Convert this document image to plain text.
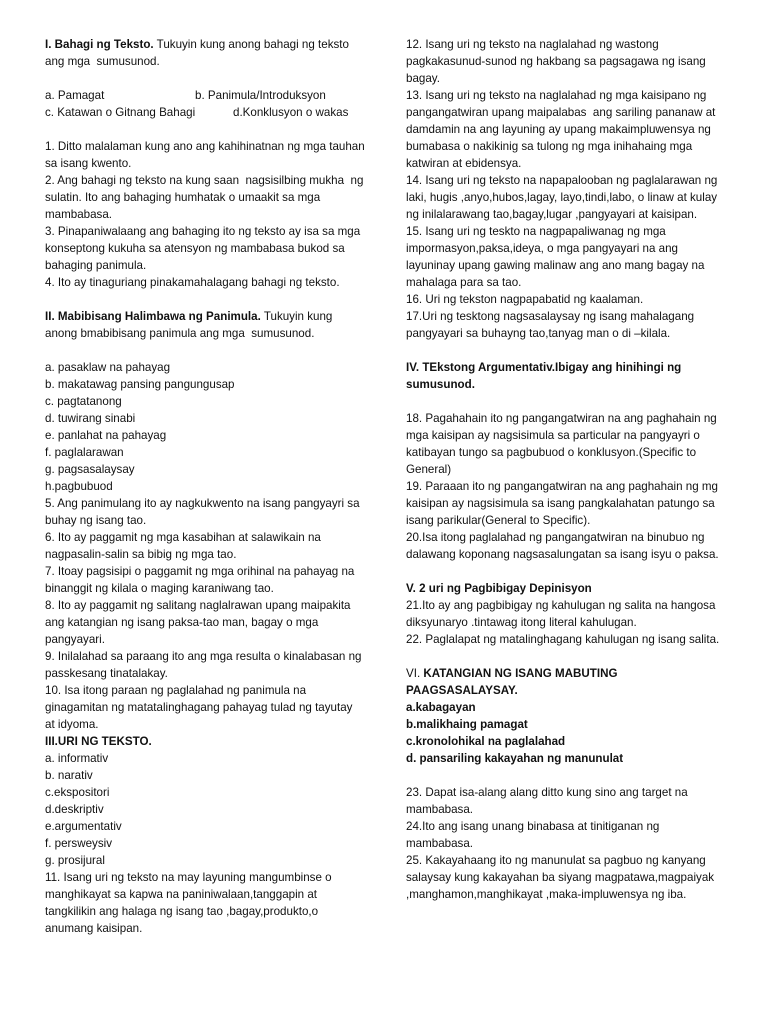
I. Bahagi ng Teksto. Tukuyin kung anong bahagi ng teksto ang mga  sumusunod.

a. Pamagat	b. Panimula/Introduksyon
c. Katawan o Gitnang Bahagi	d.Konklusyon o wakas

1. Ditto malalaman kung ano ang kahihinatnan ng mga tauhan sa isang kwento.

2. Ang bahagi ng teksto na kung saan  nagsisilbing mukha  ng sulatin. Ito ang bahaging humhatak o umaakit sa mga mambabasa.

3. Pinapaniwalaang ang bahaging ito ng teksto ay isa sa mga konseptong kukuha sa atensyon ng mambabasa bukod sa bahaging panimula.

4. Ito ay tinaguriang pinakamahalagang bahagi ng teksto.

II. Mabibisang Halimbawa ng Panimula. Tukuyin kung anong bmabibisang panimula ang mga  sumusunod.

a. pasaklaw na pahayag

b. makatawag pansing pangungusap

c. pagtatanong

d. tuwirang sinabi

e. panlahat na pahayag

f. paglalarawan

g. pagsasalaysay

h.pagbubuod

5. Ang panimulang ito ay nagkukwento na isang pangyayri sa buhay ng isang tao.

6. Ito ay paggamit ng mga kasabihan at salawikain na nagpasalin-salin sa bibig ng mga tao.

7. Itoay pagsisipi o paggamit ng mga orihinal na pahayag na binanggit ng kilala o maging karaniwang tao.

8. Ito ay paggamit ng salitang naglalrawan upang maipakita ang katangian ng isang paksa-tao man, bagay o mga pangyayari.

9. Inilalahad sa paraang ito ang mga resulta o kinalabasan ng passkesang tinatalakay.

10. Isa itong paraan ng paglalahad ng panimula na ginagamitan ng matatalinghagang pahayag tulad ng tayutay at idyoma.

III.URI NG TEKSTO.

a. informativ

b. narativ

c.ekspositori

d.deskriptiv

e.argumentativ

f. persweysiv

g. prosijural

11. Isang uri ng teksto na may layuning mangumbinse o manghikayat sa kapwa na paniniwalaan,tanggapin at tangkilikin ang halaga ng isang tao ,bagay,produkto,o anumang kaisipan.

12. Isang uri ng teksto na naglalahad ng wastong pagkakasunud-sunod ng hakbang sa pagsagawa ng isang bagay.

13. Isang uri ng teksto na naglalahad ng mga kaisipano ng pangangatwiran upang maipalabas  ang sariling pananaw at damdamin na ang layuning ay upang makaimpluwensya ng bumabasa o nakikinig sa tulong ng mga inihahaing mga katwiran at ebidensya.

14. Isang uri ng teksto na napapalooban ng paglalarawan ng laki, hugis ,anyo,hubos,lagay, layo,tindi,labo, o linaw at kulay ng inilalarawang tao,bagay,lugar ,pangyayari at kaisipan.

15. Isang uri ng teskto na nagpapaliwanag ng mga impormasyon,paksa,ideya, o mga pangyayari na ang layuninay upang gawing malinaw ang ano mang bagay na mahalaga para sa tao.

16. Uri ng tekston nagpapabatid ng kaalaman.

17.Uri ng tesktong nagsasalaysay ng isang mahalagang pangyayari sa buhayng tao,tanyag man o di –kilala.

IV. TEkstong Argumentativ.Ibigay ang hinihingi ng sumusunod.

18. Pagahahain ito ng pangangatwiran na ang paghahain ng mga kaisipan ay nagsisimula sa particular na pangyayri o katibayan tungo sa pagbubuod o konklusyon.(Specific to General)

19. Paraaan ito ng pangangatwiran na ang paghahain ng mg kaisipan ay nagsisimula sa isang pangkalahatan patungo sa isang parikular(General to Specific).

20.Isa itong paglalahad ng pangangatwiran na binubuo ng dalawang koponang nagsasalungatan sa isang isyu o paksa.

V. 2 uri ng Pagbibigay Depinisyon

21.Ito ay ang pagbibigay ng kahulugan ng salita na hangosa diksyunaryo .tintawag itong literal kahulugan.

22. Paglalapat ng matalinghagang kahulugan ng isang salita.

VI. KATANGIAN NG ISANG MABUTING PAAGSASALAYSAY.

a.kabagayan

b.malikhaing pamagat

c.kronolohikal na paglalahad

d. pansariling kakayahan ng manunulat

23. Dapat isa-alang alang ditto kung sino ang target na mambabasa.

24.Ito ang isang unang binabasa at tinitiganan ng mambabasa.

25. Kakayahaang ito ng manunulat sa pagbuo ng kanyang salaysay kung kakayahan ba siyang magpatawa,magpaiyak ,manghamon,manghikayat ,maka-impluwensya ng iba.
